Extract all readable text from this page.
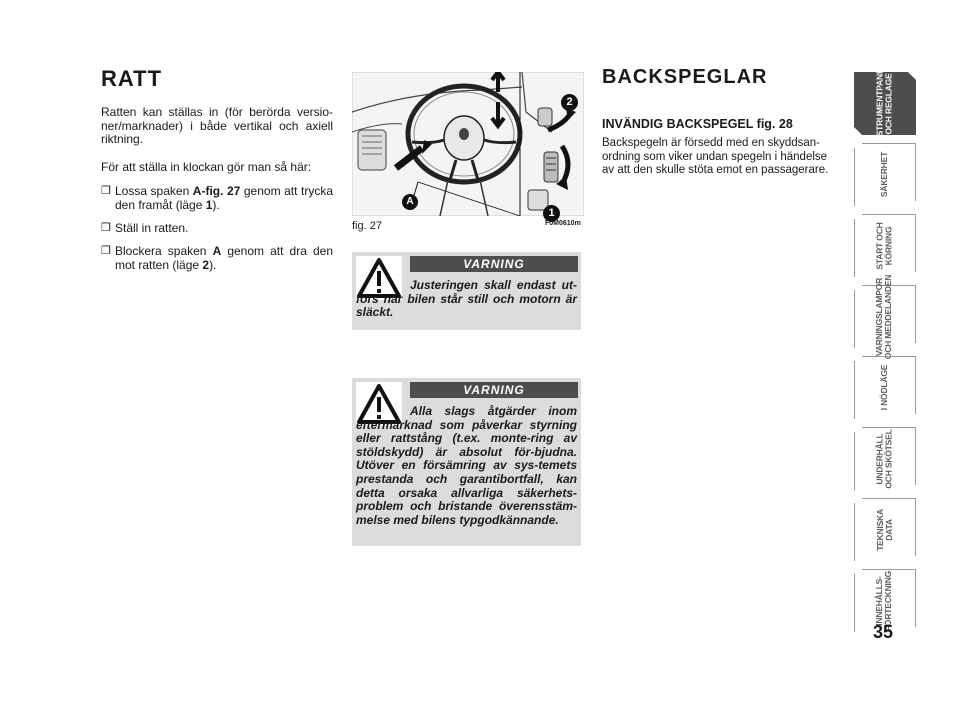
RATT
Ratten kan ställas in (för berörda versio-ner/marknader) i både vertikal och axiell riktning.
För att ställa in klockan gör man så här:
❒ Lossa spaken A-fig. 27 genom att trycka den framåt (läge 1).
❒ Ställ in ratten.
❒ Blockera spaken A genom att dra den mot ratten (läge 2).
2
1
A
fig. 27	F0M0610m
VARNING
Justeringen skall endast ut-förs när bilen står still och motorn är släckt.
VARNING
Alla slags åtgärder inom eftermarknad som påverkar styrning eller rattstång (t.ex. monte-ring av stöldskydd) är absolut för-bjudna. Utöver en försämring av sys-temets prestanda och garantibortfall, kan detta orsaka allvarliga säkerhets-problem och bristande överensstäm-melse med bilens typgodkännande.
BACKSPEGLAR
INVÄNDIG BACKSPEGEL fig. 28
Backspegeln är försedd med en skyddsan-ordning som viker undan spegeln i händelse av att den skulle stöta emot en passagerare.
INSTRUMENTPANEL
OCH REGLAGE
SÄKERHET
START OCH
KÖRNING
VARNINGSLAMPOR
OCH MEDDELANDEN
I NÖDLÄGE
UNDERHÅLL
OCH SKÖTSEL
TEKNISKA
DATA
INNEHÅLLS-
FÖRTECKNING
35
